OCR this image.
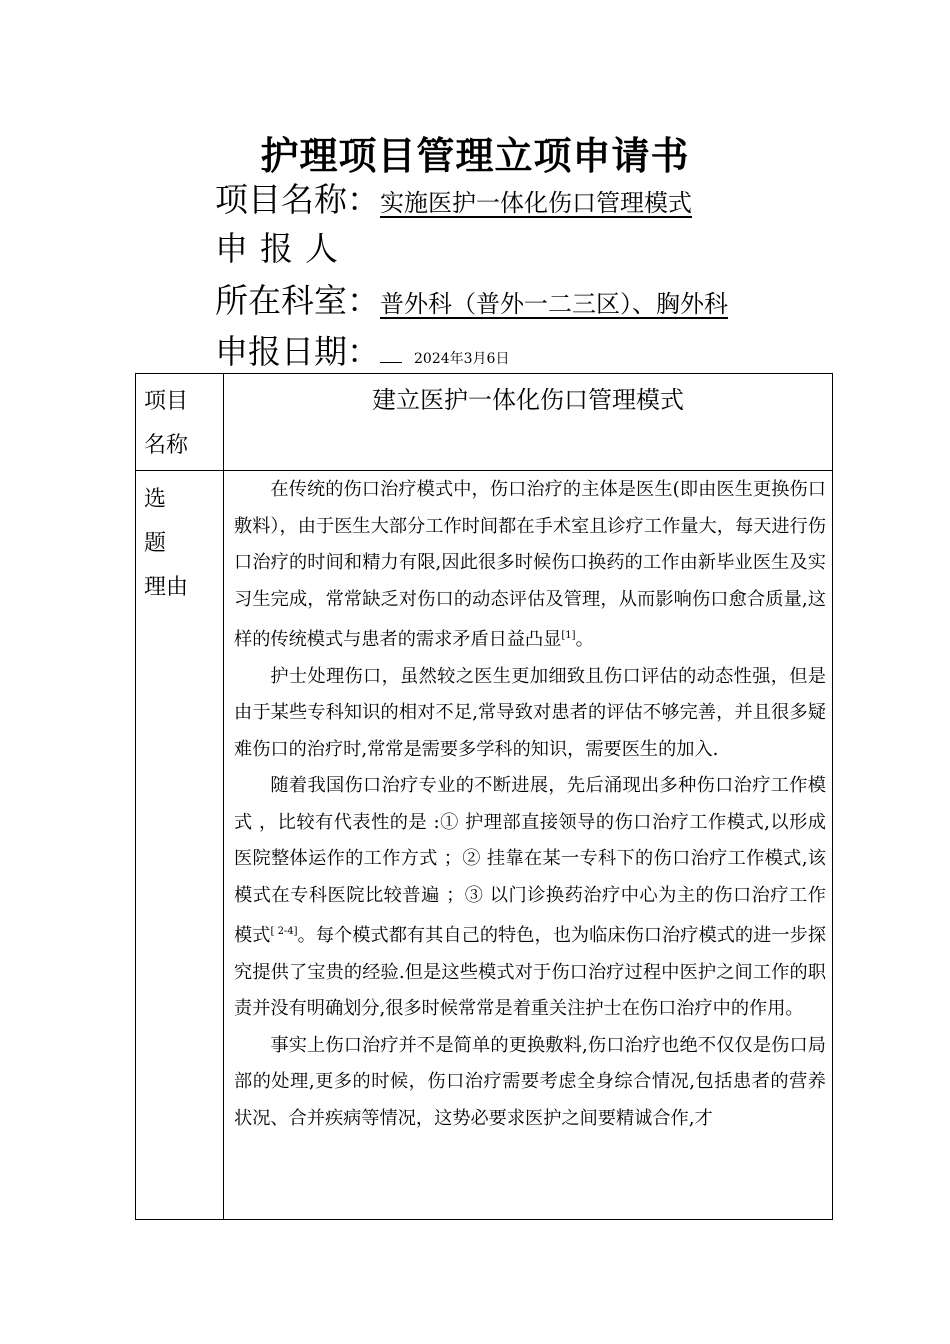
护理项目管理立项申请书
项目名称：实施医护一体化伤口管理模式
申报人
所在科室：普外科（普外一二三区）、胸外科
申报日期： 2024年3月6日
项目
名称
建立医护一体化伤口管理模式
选题
理由

在传统的伤口治疗模式中，伤口治疗的主体是医生(即由医生更换伤口敷料），由于医生大部分工作时间都在手术室且诊疗工作量大，每天进行伤口治疗的时间和精力有限,因此很多时候伤口换药的工作由新毕业医生及实习生完成，常常缺乏对伤口的动态评估及管理，从而影响伤口愈合质量,这样的传统模式与患者的需求矛盾日益凸显[1]。

护士处理伤口，虽然较之医生更加细致且伤口评估的动态性强，但是由于某些专科知识的相对不足,常导致对患者的评估不够完善，并且很多疑难伤口的治疗时,常常是需要多学科的知识，需要医生的加入.

随着我国伤口治疗专业的不断进展，先后涌现出多种伤口治疗工作模式 ，比较有代表性的是 :① 护理部直接领导的伤口治疗工作模式,以形成医院整体运作的工作方式 ；② 挂靠在某一专科下的伤口治疗工作模式,该模式在专科医院比较普遍 ；③ 以门诊换药治疗中心为主的伤口治疗工作模式[ 2-4]。每个模式都有其自己的特色，也为临床伤口治疗模式的进一步探究提供了宝贵的经验.但是这些模式对于伤口治疗过程中医护之间工作的职责并没有明确划分,很多时候常常是着重关注护士在伤口治疗中的作用。

事实上伤口治疗并不是简单的更换敷料,伤口治疗也绝不仅仅是伤口局部的处理,更多的时候，伤口治疗需要考虑全身综合情况,包括患者的营养状况、合并疾病等情况，这势必要求医护之间要精诚合作,才
